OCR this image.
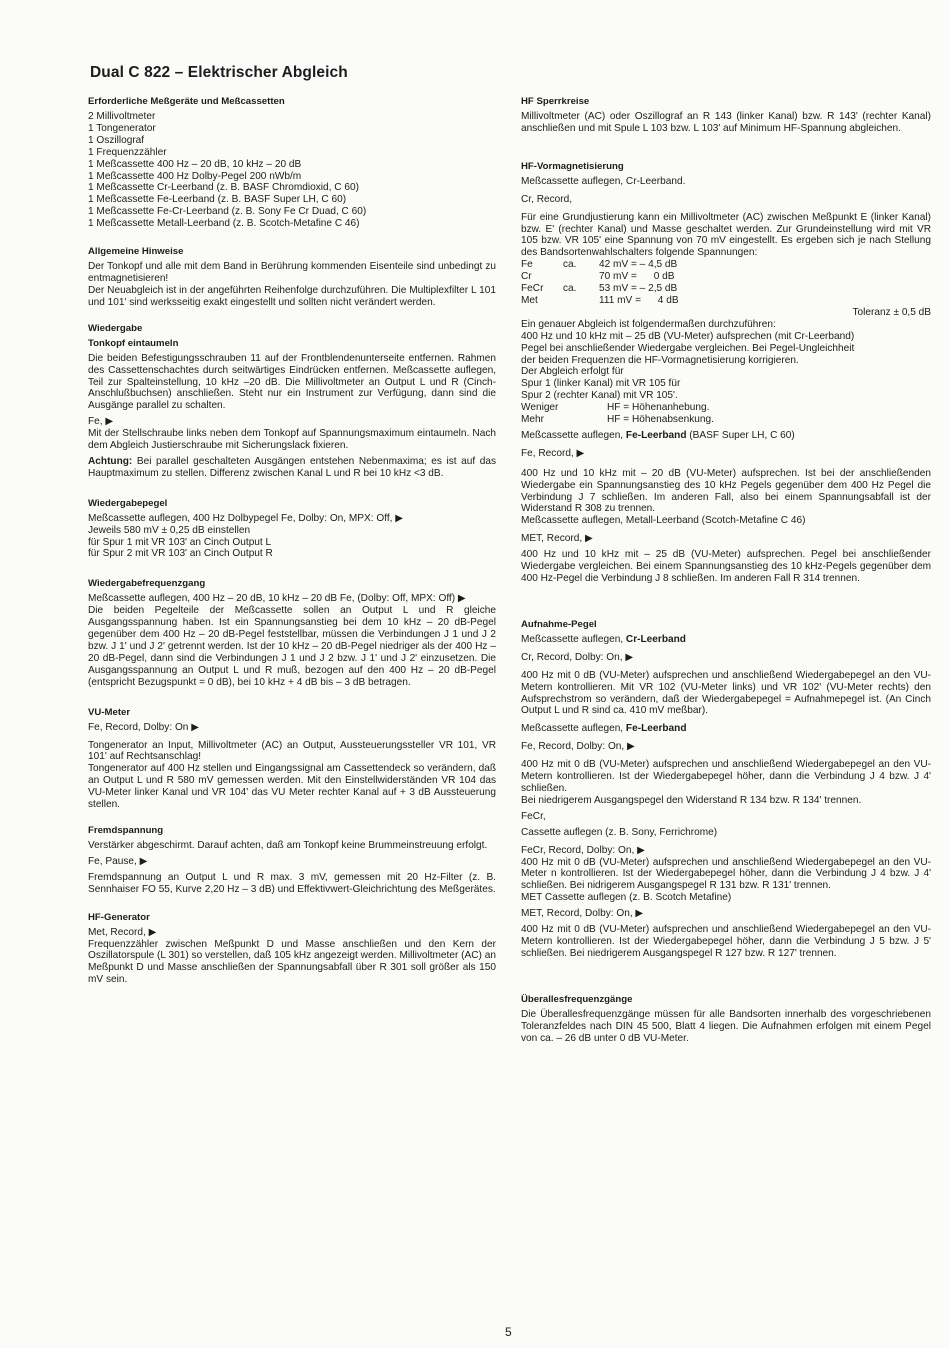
Dual C 822 – Elektrischer Abgleich
Erforderliche Meßgeräte und Meßcassetten
2 Millivoltmeter
1 Tongenerator
1 Oszillograf
1 Frequenzzähler
1 Meßcassette 400 Hz – 20 dB, 10 kHz – 20 dB
1 Meßcassette 400 Hz Dolby-Pegel 200 nWb/m
1 Meßcassette Cr-Leerband (z. B. BASF Chromdioxid, C 60)
1 Meßcassette Fe-Leerband (z. B. BASF Super LH, C 60)
1 Meßcassette Fe-Cr-Leerband (z. B. Sony Fe Cr Duad, C 60)
1 Meßcassette Metall-Leerband (z. B. Scotch-Metafine C 46)
Allgemeine Hinweise
Der Tonkopf und alle mit dem Band in Berührung kommenden Eisenteile sind unbedingt zu entmagnetisieren!
Der Neuabgleich ist in der angeführten Reihenfolge durchzuführen. Die Multiplexfilter L 101 und 101' sind werksseitig exakt eingestellt und sollten nicht verändert werden.
Wiedergabe
Tonkopf eintaumeln
Die beiden Befestigungsschrauben 11 auf der Frontblendenunterseite entfernen. Rahmen des Cassettenschachtes durch seitwärtiges Eindrücken entfernen. Meßcassette auflegen, Teil zur Spalteinstellung, 10 kHz –20 dB. Die Millivoltmeter an Output L und R (Cinch-Anschlußbuchsen) anschließen. Steht nur ein Instrument zur Verfügung, dann sind die Ausgänge parallel zu schalten.
Fe, ▶
Mit der Stellschraube links neben dem Tonkopf auf Spannungsmaximum eintaumeln. Nach dem Abgleich Justierschraube mit Sicherungslack fixieren.
Achtung: Bei parallel geschalteten Ausgängen entstehen Nebenmaxima; es ist auf das Hauptmaximum zu stellen. Differenz zwischen Kanal L und R bei 10 kHz <3 dB.
Wiedergabepegel
Meßcassette auflegen, 400 Hz Dolbypegel Fe, Dolby: On, MPX: Off, ▶
Jeweils 580 mV ± 0,25 dB einstellen
für Spur 1 mit VR 103' an Cinch Output L
für Spur 2 mit VR 103' an Cinch Output R
Wiedergabefrequenzgang
Meßcassette auflegen, 400 Hz – 20 dB, 10 kHz – 20 dB Fe, (Dolby: Off, MPX: Off) ▶
Die beiden Pegelteile der Meßcassette sollen an Output L und R gleiche Ausgangsspannung haben. Ist ein Spannungsanstieg bei dem 10 kHz – 20 dB-Pegel gegenüber dem 400 Hz – 20 dB-Pegel feststellbar, müssen die Verbindungen J 1 und J 2 bzw. J 1' und J 2' getrennt werden. Ist der 10 kHz – 20 dB-Pegel niedriger als der 400 Hz – 20 dB-Pegel, dann sind die Verbindungen J 1 und J 2 bzw. J 1' und J 2' einzusetzen. Die Ausgangsspannung an Output L und R muß, bezogen auf den 400 Hz – 20 dB-Pegel (entspricht Bezugspunkt = 0 dB), bei 10 kHz + 4 dB bis – 3 dB betragen.
VU-Meter
Fe, Record, Dolby: On ▶
Tongenerator an Input, Millivoltmeter (AC) an Output, Aussteuerungssteller VR 101, VR 101' auf Rechtsanschlag!
Tongenerator auf 400 Hz stellen und Eingangssignal am Cassettendeck so verändern, daß an Output L und R 580 mV gemessen werden. Mit den Einstellwiderständen VR 104 das VU-Meter linker Kanal und VR 104' das VU Meter rechter Kanal auf + 3 dB Aussteuerung stellen.
Fremdspannung
Verstärker abgeschirmt. Darauf achten, daß am Tonkopf keine Brummeinstreuung erfolgt.
Fe, Pause, ▶
Fremdspannung an Output L und R max. 3 mV, gemessen mit 20 Hz-Filter (z. B. Sennhaiser FO 55, Kurve 2,20 Hz – 3 dB) und Effektivwert-Gleichrichtung des Meßgerätes.
HF-Generator
Met, Record, ▶
Frequenzzähler zwischen Meßpunkt D und Masse anschließen und den Kern der Oszillatorspule (L 301) so verstellen, daß 105 kHz angezeigt werden. Millivoltmeter (AC) an Meßpunkt D und Masse anschließen der Spannungsabfall über R 301 soll größer als 150 mV sein.
HF Sperrkreise
Millivoltmeter (AC) oder Oszillograf an R 143 (linker Kanal) bzw. R 143' (rechter Kanal) anschließen und mit Spule L 103 bzw. L 103' auf Minimum HF-Spannung abgleichen.
HF-Vormagnetisierung
Meßcassette auflegen, Cr-Leerband.
Cr, Record,
Für eine Grundjustierung kann ein Millivoltmeter (AC) zwischen Meßpunkt E (linker Kanal) bzw. E' (rechter Kanal) und Masse geschaltet werden. Zur Grundeinstellung wird mit VR 105 bzw. VR 105' eine Spannung von 70 mV eingestellt. Es ergeben sich je nach Stellung des Bandsortenwahlschalters folgende Spannungen:
Fe	ca.	42 mV = – 4,5 dB
Cr	70 mV =      0 dB
FeCr	ca.	53 mV = – 2,5 dB
Met	111 mV =      4 dB
Toleranz ± 0,5 dB
Ein genauer Abgleich ist folgendermaßen durchzuführen:
400 Hz und 10 kHz mit – 25 dB (VU-Meter) aufsprechen (mit Cr-Leerband)
Pegel bei anschließender Wiedergabe vergleichen. Bei Pegel-Ungleichheit
der beiden Frequenzen die HF-Vormagnetisierung korrigieren.
Der Abgleich erfolgt für
Spur 1 (linker Kanal) mit VR 105 für
Spur 2 (rechter Kanal) mit VR 105'.
Weniger	HF = Höhenanhebung.
Mehr	HF = Höhenabsenkung.
Meßcassette auflegen, Fe-Leerband (BASF Super LH, C 60)
Fe, Record, ▶
400 Hz und 10 kHz mit – 20 dB (VU-Meter) aufsprechen. Ist bei der anschließenden Wiedergabe ein Spannungsanstieg des 10 kHz Pegels gegenüber dem 400 Hz Pegel die Verbindung J 7 schließen. Im anderen Fall, also bei einem Spannungsabfall ist der Widerstand R 308 zu trennen.
Meßcassette auflegen, Metall-Leerband (Scotch-Metafine C 46)
MET, Record, ▶
400 Hz und 10 kHz mit – 25 dB (VU-Meter) aufsprechen. Pegel bei anschließender Wiedergabe vergleichen. Bei einem Spannungsanstieg des 10 kHz-Pegels gegenüber dem 400 Hz-Pegel die Verbindung J 8 schließen. Im anderen Fall R 314 trennen.
Aufnahme-Pegel
Meßcassette auflegen, Cr-Leerband
Cr, Record, Dolby: On, ▶
400 Hz mit 0 dB (VU-Meter) aufsprechen und anschließend Wiedergabepegel an den VU-Metern kontrollieren. Mit VR 102 (VU-Meter links) und VR 102' (VU-Meter rechts) den Aufsprechstrom so verändern, daß der Wiedergabepegel = Aufnahmepegel ist. (An Cinch Output L und R sind ca. 410 mV meßbar).
Meßcassette auflegen, Fe-Leerband
Fe, Record, Dolby: On, ▶
400 Hz mit 0 dB (VU-Meter) aufsprechen und anschließend Wiedergabepegel an den VU-Metern kontrollieren. Ist der Wiedergabepegel höher, dann die Verbindung J 4 bzw. J 4' schließen.
Bei niedrigerem Ausgangspegel den Widerstand R 134 bzw. R 134' trennen.
FeCr,
Cassette auflegen (z. B. Sony, Ferrichrome)
FeCr, Record, Dolby: On, ▶
400 Hz mit 0 dB (VU-Meter) aufsprechen und anschließend Wiedergabepegel an den VU-Meter n kontrollieren. Ist der Wiedergabepegel höher, dann die Verbindung J 4 bzw. J 4' schließen. Bei nidrigerem Ausgangspegel R 131 bzw. R 131' trennen.
MET Cassette auflegen (z. B. Scotch Metafine)
MET, Record, Dolby: On, ▶
400 Hz mit 0 dB (VU-Meter) aufsprechen und anschließend Wiedergabepegel an den VU-Metern kontrollieren. Ist der Wiedergabepegel höher, dann die Verbindung J 5 bzw. J 5' schließen. Bei niedrigerem Ausgangspegel R 127 bzw. R 127' trennen.
Überallesfrequenzgänge
Die Überallesfrequenzgänge müssen für alle Bandsorten innerhalb des vorgeschriebenen Toleranzfeldes nach DIN 45 500, Blatt 4 liegen. Die Aufnahmen erfolgen mit einem Pegel von ca. – 26 dB unter 0 dB VU-Meter.
5
